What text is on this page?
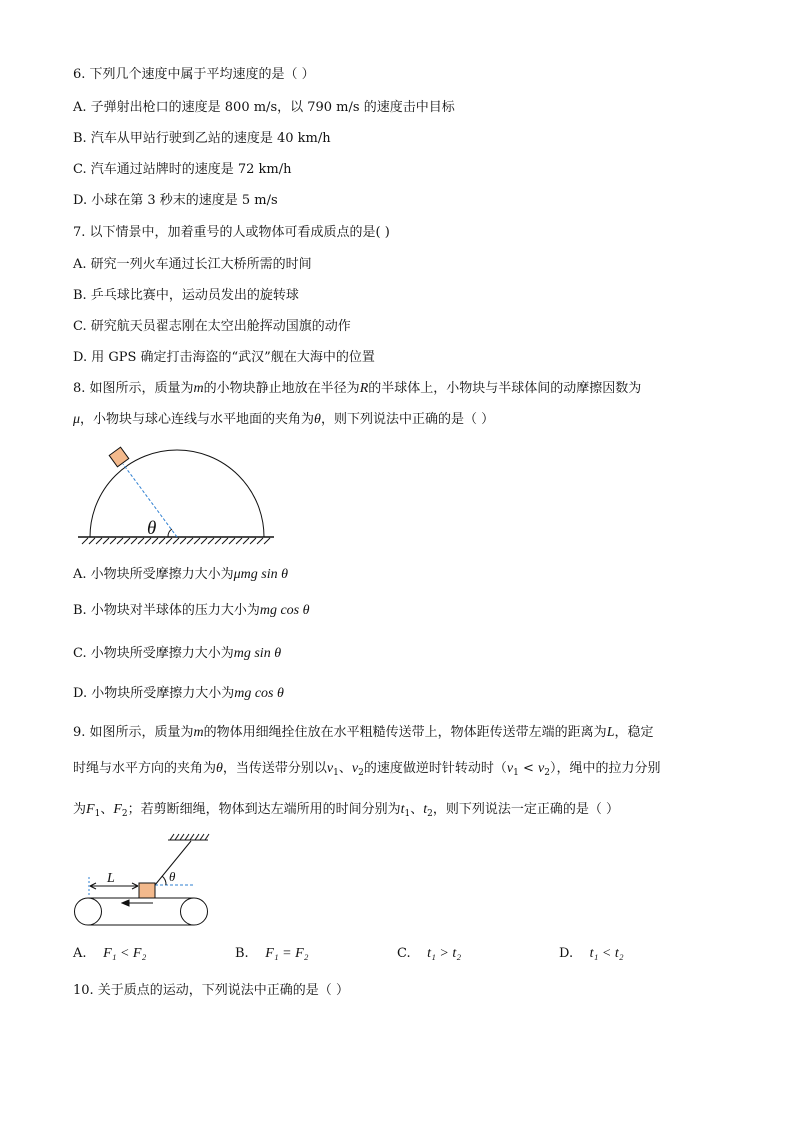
6. 下列几个速度中属于平均速度的是（ ）
A. 子弹射出枪口的速度是 800 m/s，以 790 m/s 的速度击中目标
B. 汽车从甲站行驶到乙站的速度是 40 km/h
C. 汽车通过站牌时的速度是 72 km/h
D. 小球在第 3 秒末的速度是 5 m/s
7. 以下情景中，加着重号的人或物体可看成质点的是( )
A. 研究一列火车通过长江大桥所需的时间
B. 乒乓球比赛中，运动员发出的旋转球
C. 研究航天员翟志刚在太空出舱挥动国旗的动作
D. 用 GPS 确定打击海盗的“武汉”舰在大海中的位置
8. 如图所示，质量为m的小物块静止地放在半径为R的半球体上，小物块与半球体间的动摩擦因数为
μ，小物块与球心连线与水平地面的夹角为θ，则下列说法中正确的是（ ）
θ
A. 小物块所受摩擦力大小为μmg sin θ
B. 小物块对半球体的压力大小为mg cos θ
C. 小物块所受摩擦力大小为mg sin θ
D. 小物块所受摩擦力大小为mg cos θ
9. 如图所示，质量为m的物体用细绳拴住放在水平粗糙传送带上，物体距传送带左端的距离为L，稳定
时绳与水平方向的夹角为θ，当传送带分别以$v_1$、$v_2$的速度做逆时针转动时$(v_1 < v_2)$，绳中的拉力分别
为$F_1$、$F_2$；若剪断细绳，物体到达左端所用的时间分别为$t_1$、$t_2$，则下列说法一定正确的是（ ）
L	θ
A. F₁ < F₂	B. F₁ = F₂	C. t₁ > t₂	D. t₁ < t₂
10. 关于质点的运动，下列说法中正确的是（ ）
